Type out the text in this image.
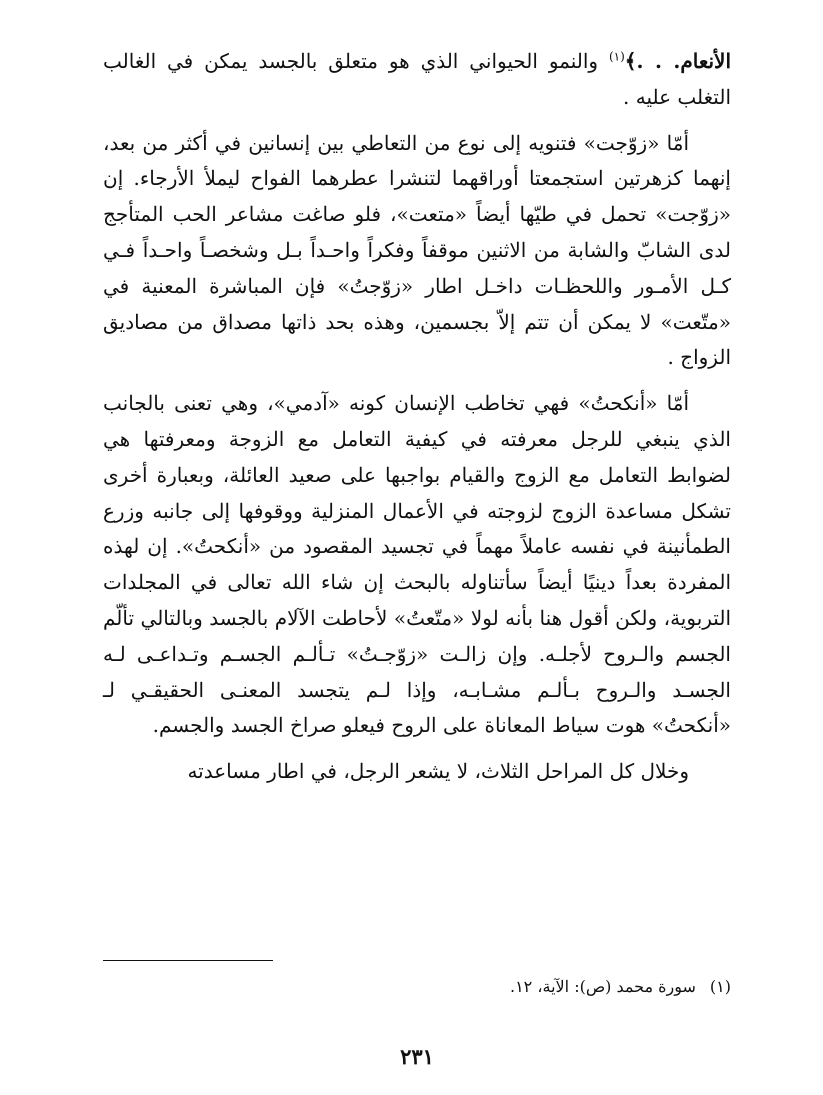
الأنعام. . .﴾$^{(١)}$ والنمو الحيواني الذي هو متعلق بالجسد يمكن في الغالب التغلب عليه .

أمّا «زوّجت» فتنويه إلى نوع من التعاطي بين إنسانين في أكثر من بعد، إنهما كزهرتين استجمعتا أوراقهما لتنشرا عطرهما الفواح ليملأ الأرجاء. إن «زوّجت» تحمل في طيّها أيضاً «متعت»، فلو صاغت مشاعر الحب المتأجج لدى الشابّ والشابة من الاثنين موقفاً وفكراً واحـداً بـل وشخصـاً واحـداً فـي كـل الأمـور واللحظـات داخـل اطار «زوّجتُ» فإن المباشرة المعنية في «متّعت» لا يمكن أن تتم إلاّ بجسمين، وهذه بحد ذاتها مصداق من مصاديق الزواج .

أمّا «أنكحتُ» فهي تخاطب الإنسان كونه «آدمي»، وهي تعنى بالجانب الذي ينبغي للرجل معرفته في كيفية التعامل مع الزوجة ومعرفتها هي لضوابط التعامل مع الزوج والقيام بواجبها على صعيد العائلة، وبعبارة أخرى تشكل مساعدة الزوج لزوجته في الأعمال المنزلية ووقوفها إلى جانبه وزرع الطمأنينة في نفسه عاملاً مهماً في تجسيد المقصود من «أنكحتُ». إن لهذه المفردة بعداً دينيًا أيضاً سأتناوله بالبحث إن شاء الله تعالى في المجلدات التربوية، ولكن أقول هنا بأنه لولا «متّعتُ» لأحاطت الآلام بالجسد وبالتالي تألّم الجسم والـروح لأجلـه. وإن زالـت «زوّجـتُ» تـألـم الجسـم وتـداعـى لـه الجسـد والـروح بـألـم مشـابـه، وإذا لـم يتجسد المعنـى الحقيقـي لـ «أنكحتُ» هوت سياط المعاناة على الروح فيعلو صراخ الجسد والجسم.

وخلال كل المراحل الثلاث، لا يشعر الرجل، في اطار مساعدته

(١)سورة محمد (ص): الآية، ١٢.

٢٣١
